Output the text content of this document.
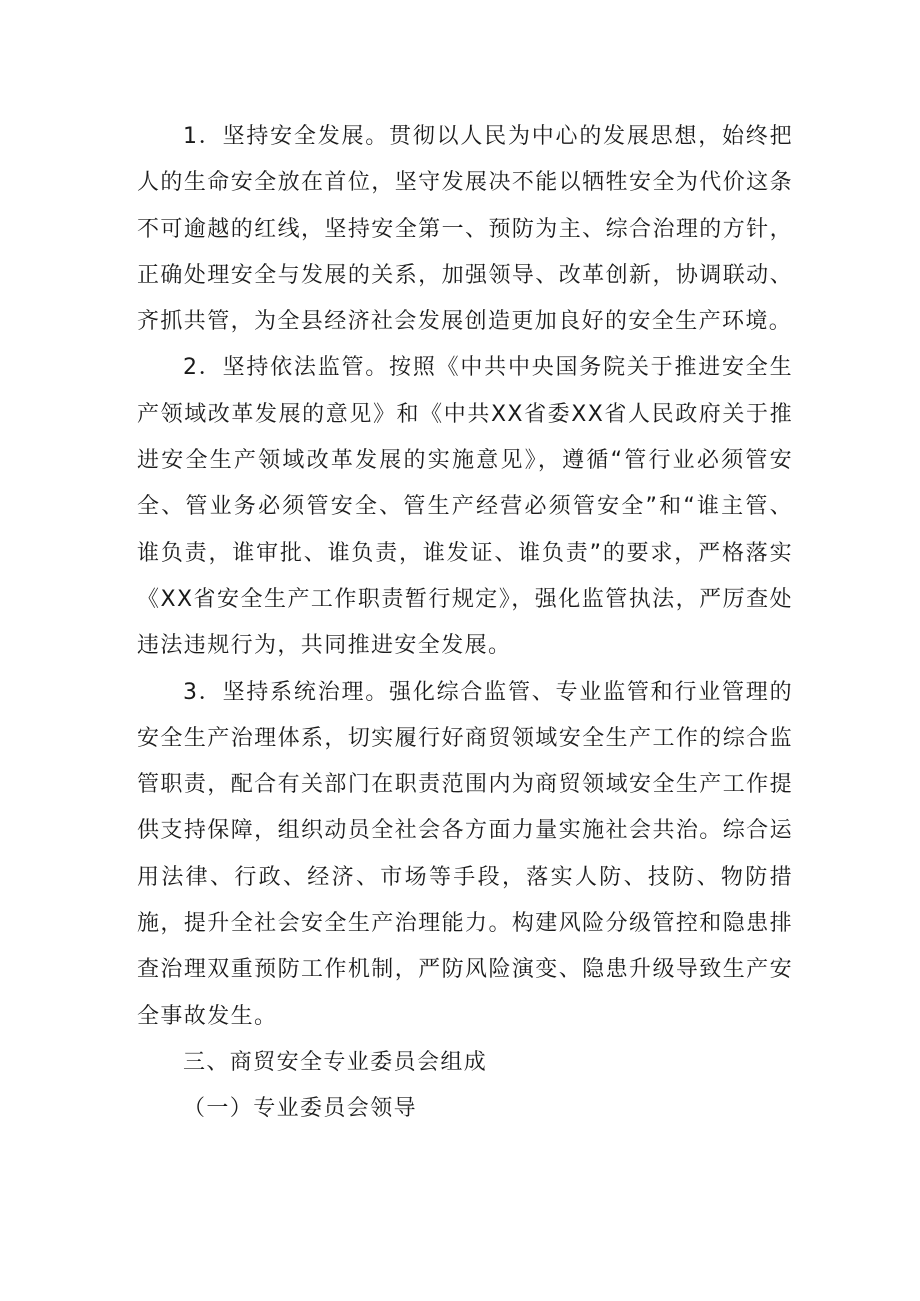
1．坚持安全发展。贯彻以人民为中心的发展思想，始终把人的生命安全放在首位，坚守发展决不能以牺牲安全为代价这条不可逾越的红线，坚持安全第一、预防为主、综合治理的方针，正确处理安全与发展的关系，加强领导、改革创新，协调联动、齐抓共管，为全县经济社会发展创造更加良好的安全生产环境。

2．坚持依法监管。按照《中共中央国务院关于推进安全生产领域改革发展的意见》和《中共XX省委XX省人民政府关于推进安全生产领域改革发展的实施意见》，遵循“管行业必须管安全、管业务必须管安全、管生产经营必须管安全”和“谁主管、谁负责，谁审批、谁负责，谁发证、谁负责”的要求，严格落实《XX省安全生产工作职责暂行规定》，强化监管执法，严厉查处违法违规行为，共同推进安全发展。

3．坚持系统治理。强化综合监管、专业监管和行业管理的安全生产治理体系，切实履行好商贸领域安全生产工作的综合监管职责，配合有关部门在职责范围内为商贸领域安全生产工作提供支持保障，组织动员全社会各方面力量实施社会共治。综合运用法律、行政、经济、市场等手段，落实人防、技防、物防措施，提升全社会安全生产治理能力。构建风险分级管控和隐患排查治理双重预防工作机制，严防风险演变、隐患升级导致生产安全事故发生。

三、商贸安全专业委员会组成

（一）专业委员会领导
